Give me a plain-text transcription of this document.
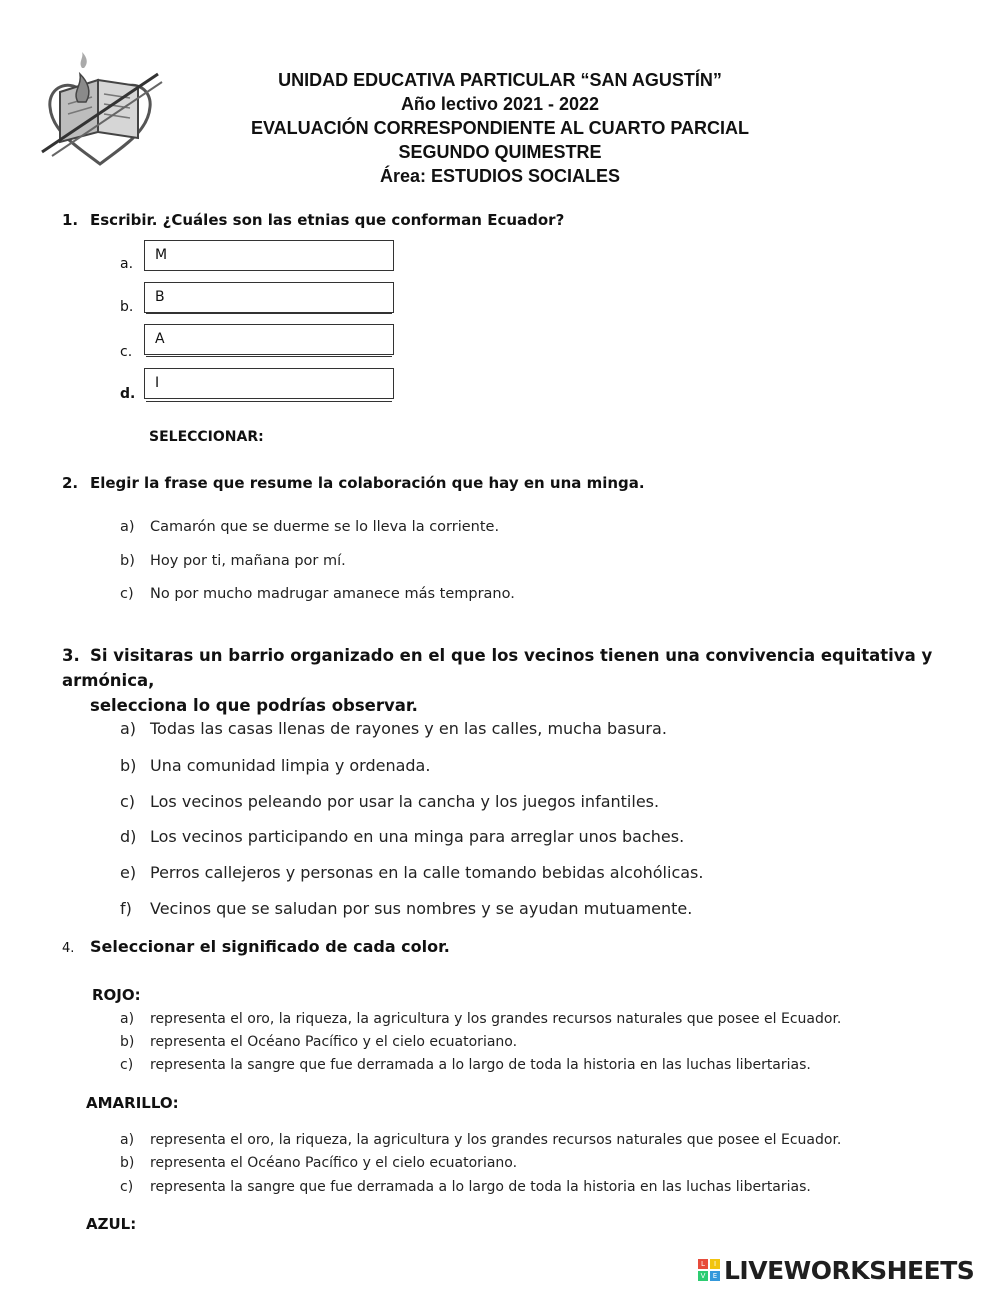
UNIDAD EDUCATIVA PARTICULAR “SAN AGUSTÍN”
Año lectivo 2021 - 2022
EVALUACIÓN CORRESPONDIENTE AL CUARTO PARCIAL
SEGUNDO QUIMESTRE
Área: ESTUDIOS SOCIALES
1. Escribir. ¿Cuáles son las etnias que conforman Ecuador?
a.
M
b.
B
c.
A
d.
I
SELECCIONAR:
2. Elegir la frase que resume la colaboración que hay en una minga.
a) Camarón que se duerme se lo lleva la corriente.
b) Hoy por ti, mañana por mí.
c) No por mucho madrugar amanece más temprano.
3. Si visitaras un barrio organizado en el que los vecinos tienen una convivencia equitativa y armónica,
selecciona lo que podrías observar.
a) Todas las casas llenas de rayones y en las calles, mucha basura.
b) Una comunidad limpia y ordenada.
c) Los vecinos peleando por usar la cancha y los juegos infantiles.
d) Los vecinos participando en una minga para arreglar unos baches.
e) Perros callejeros y personas en la calle tomando bebidas alcohólicas.
f) Vecinos que se saludan por sus nombres y se ayudan mutuamente.
4. Seleccionar el significado de cada color.
ROJO:
a) representa el oro, la riqueza, la agricultura y los grandes recursos naturales que posee el Ecuador.
b) representa el Océano Pacífico y el cielo ecuatoriano.
c) representa la sangre que fue derramada a lo largo de toda la historia en las luchas libertarias.
AMARILLO:
a) representa el oro, la riqueza, la agricultura y los grandes recursos naturales que posee el Ecuador.
b) representa el Océano Pacífico y el cielo ecuatoriano.
c) representa la sangre que fue derramada a lo largo de toda la historia en las luchas libertarias.
AZUL:
L	I
V	E LIVEWORKSHEETS
